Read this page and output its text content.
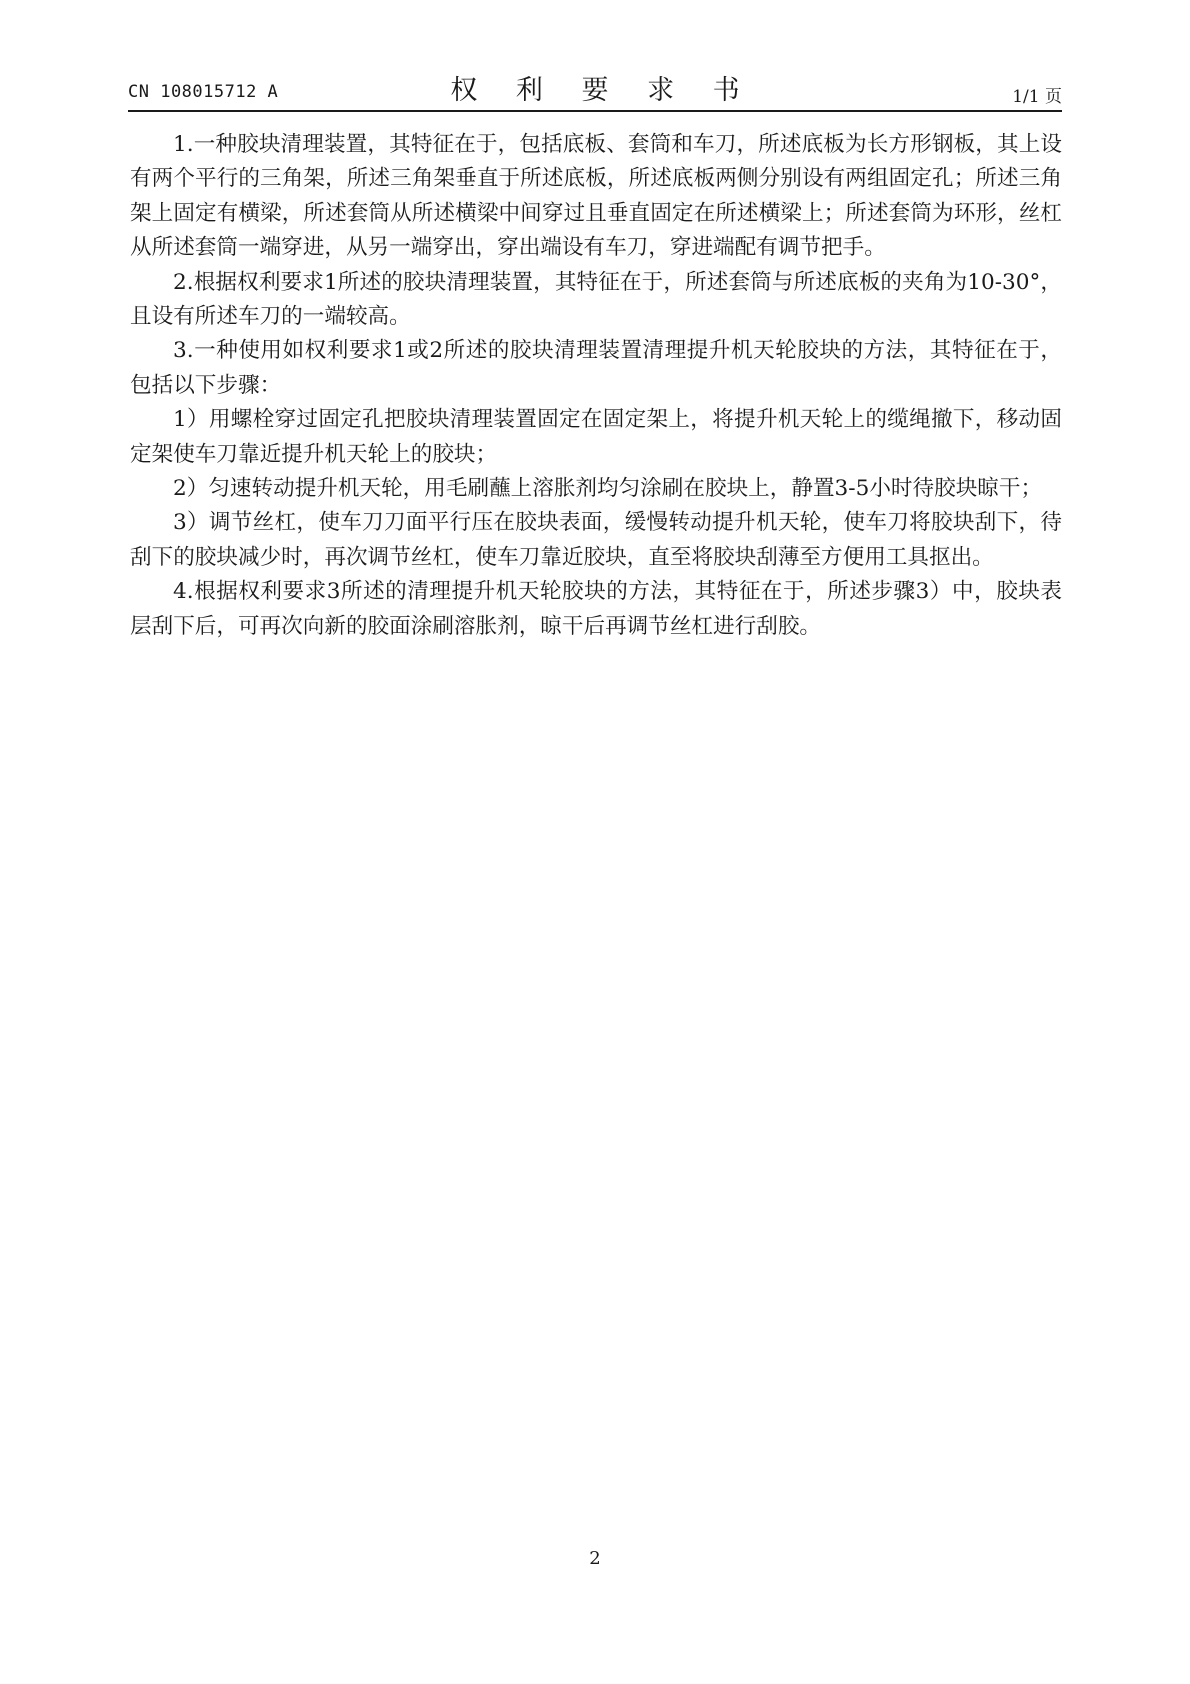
CN 108015712 A	权 利 要 求 书	1/1 页

1.一种胶块清理装置，其特征在于，包括底板、套筒和车刀，所述底板为长方形钢板，其上设有两个平行的三角架，所述三角架垂直于所述底板，所述底板两侧分别设有两组固定孔；所述三角架上固定有横梁，所述套筒从所述横梁中间穿过且垂直固定在所述横梁上；所述套筒为环形，丝杠从所述套筒一端穿进，从另一端穿出，穿出端设有车刀，穿进端配有调节把手。

2.根据权利要求1所述的胶块清理装置，其特征在于，所述套筒与所述底板的夹角为10-30°，且设有所述车刀的一端较高。

3.一种使用如权利要求1或2所述的胶块清理装置清理提升机天轮胶块的方法，其特征在于，包括以下步骤：

1）用螺栓穿过固定孔把胶块清理装置固定在固定架上，将提升机天轮上的缆绳撤下，移动固定架使车刀靠近提升机天轮上的胶块；

2）匀速转动提升机天轮，用毛刷蘸上溶胀剂均匀涂刷在胶块上，静置3-5小时待胶块晾干；

3）调节丝杠，使车刀刀面平行压在胶块表面，缓慢转动提升机天轮，使车刀将胶块刮下，待刮下的胶块减少时，再次调节丝杠，使车刀靠近胶块，直至将胶块刮薄至方便用工具抠出。

4.根据权利要求3所述的清理提升机天轮胶块的方法，其特征在于，所述步骤3）中，胶块表层刮下后，可再次向新的胶面涂刷溶胀剂，晾干后再调节丝杠进行刮胶。

2
